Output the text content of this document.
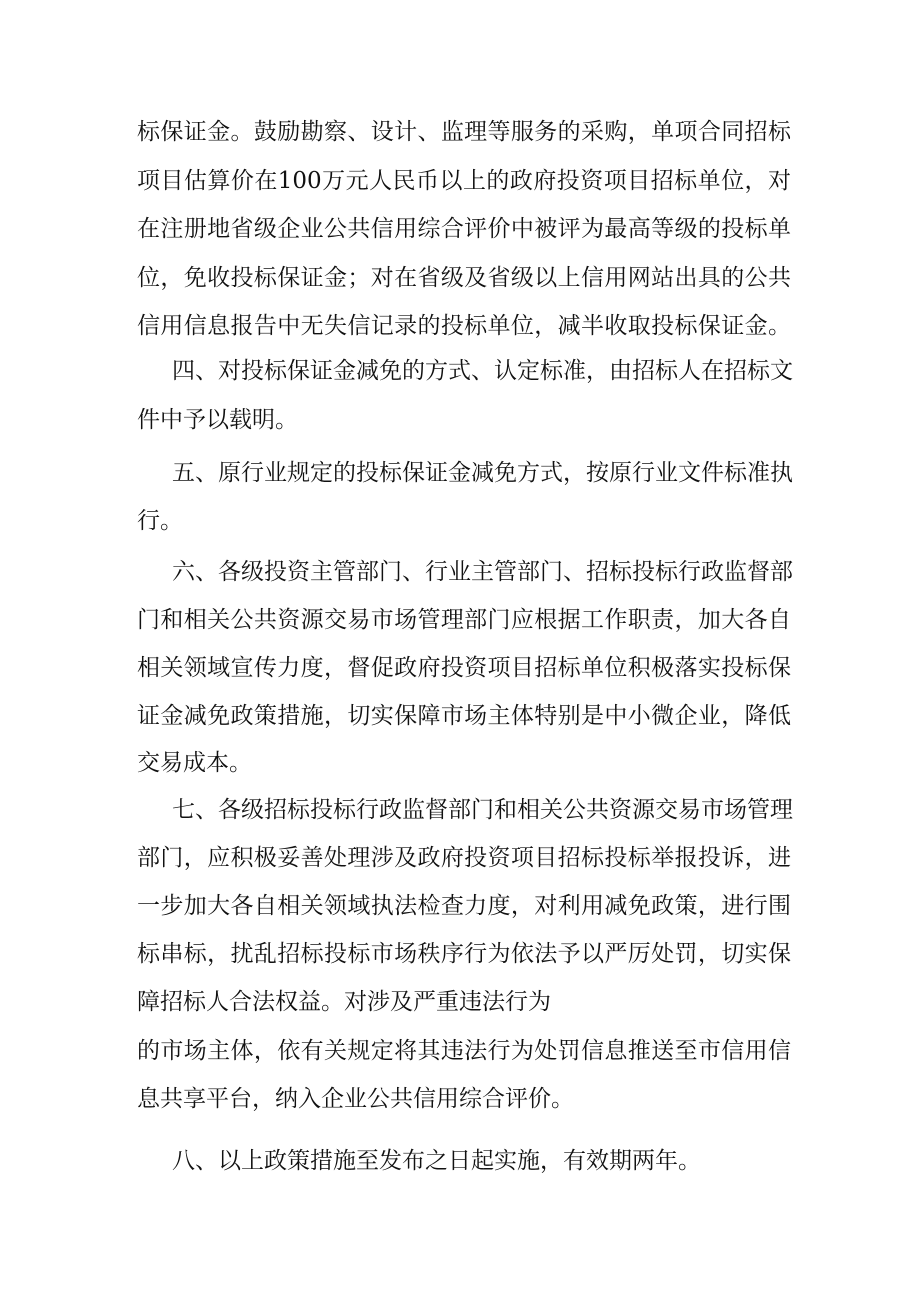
标保证金。鼓励勘察、设计、监理等服务的采购，单项合同招标
项目估算价在100万元人民币以上的政府投资项目招标单位，对
在注册地省级企业公共信用综合评价中被评为最高等级的投标单
位，免收投标保证金；对在省级及省级以上信用网站出具的公共
信用信息报告中无失信记录的投标单位，减半收取投标保证金。
四、对投标保证金减免的方式、认定标准，由招标人在招标文
件中予以载明。
五、原行业规定的投标保证金减免方式，按原行业文件标准执
行。
六、各级投资主管部门、行业主管部门、招标投标行政监督部
门和相关公共资源交易市场管理部门应根据工作职责，加大各自
相关领域宣传力度，督促政府投资项目招标单位积极落实投标保
证金减免政策措施，切实保障市场主体特别是中小微企业，降低
交易成本。
七、各级招标投标行政监督部门和相关公共资源交易市场管理
部门，应积极妥善处理涉及政府投资项目招标投标举报投诉，进
一步加大各自相关领域执法检查力度，对利用减免政策，进行围
标串标，扰乱招标投标市场秩序行为依法予以严厉处罚，切实保
障招标人合法权益。对涉及严重违法行为
的市场主体，依有关规定将其违法行为处罚信息推送至市信用信
息共享平台，纳入企业公共信用综合评价。
八、以上政策措施至发布之日起实施，有效期两年。
